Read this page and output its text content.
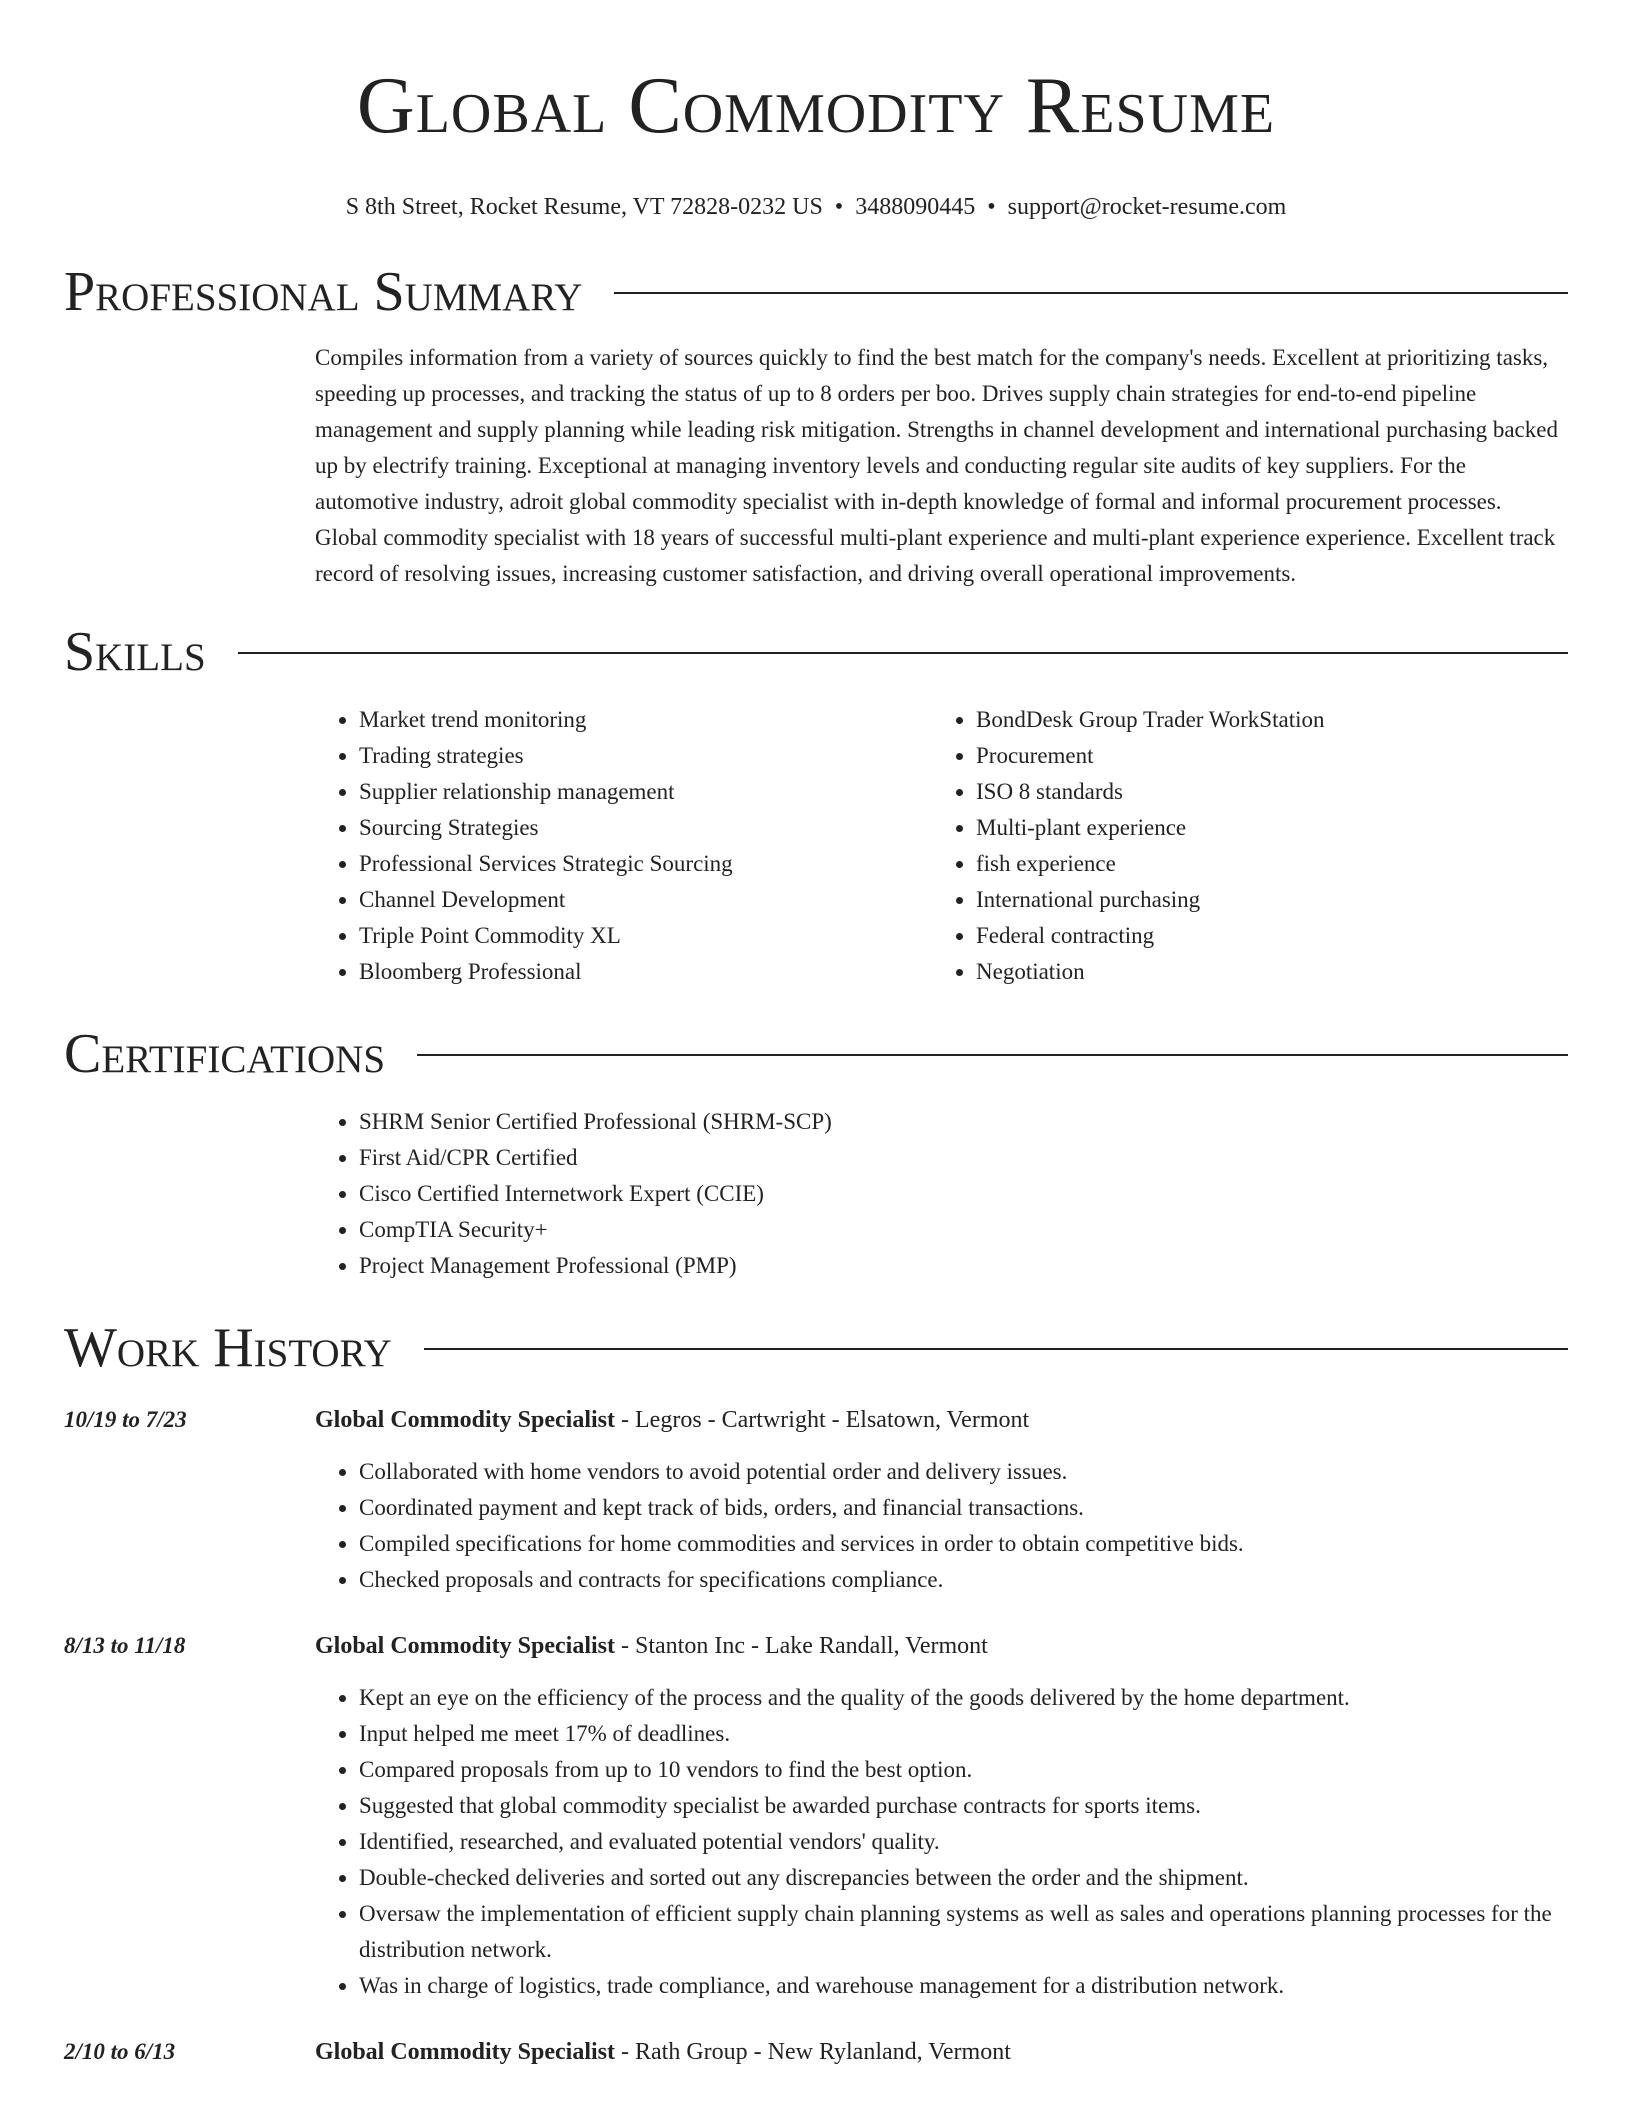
Global Commodity Resume
S 8th Street, Rocket Resume, VT 72828-0232 US • 3488090445 • support@rocket-resume.com
Professional Summary

Compiles information from a variety of sources quickly to find the best match for the company's needs. Excellent at prioritizing tasks, speeding up processes, and tracking the status of up to 8 orders per boo. Drives supply chain strategies for end-to-end pipeline management and supply planning while leading risk mitigation. Strengths in channel development and international purchasing backed up by electrify training. Exceptional at managing inventory levels and conducting regular site audits of key suppliers. For the automotive industry, adroit global commodity specialist with in-depth knowledge of formal and informal procurement processes. Global commodity specialist with 18 years of successful multi-plant experience and multi-plant experience experience. Excellent track record of resolving issues, increasing customer satisfaction, and driving overall operational improvements.

Skills
• Market trend monitoring
• Trading strategies
• Supplier relationship management
• Sourcing Strategies
• Professional Services Strategic Sourcing
• Channel Development
• Triple Point Commodity XL
• Bloomberg Professional
• BondDesk Group Trader WorkStation
• Procurement
• ISO 8 standards
• Multi-plant experience
• fish experience
• International purchasing
• Federal contracting
• Negotiation
Certifications
• SHRM Senior Certified Professional (SHRM-SCP)
• First Aid/CPR Certified
• Cisco Certified Internetwork Expert (CCIE)
• CompTIA Security+
• Project Management Professional (PMP)
Work History
10/19 to 7/23	Global Commodity Specialist - Legros - Cartwright - Elsatown, Vermont
• Collaborated with home vendors to avoid potential order and delivery issues.
• Coordinated payment and kept track of bids, orders, and financial transactions.
• Compiled specifications for home commodities and services in order to obtain competitive bids.
• Checked proposals and contracts for specifications compliance.
8/13 to 11/18	Global Commodity Specialist - Stanton Inc - Lake Randall, Vermont
• Kept an eye on the efficiency of the process and the quality of the goods delivered by the home department.
• Input helped me meet 17% of deadlines.
• Compared proposals from up to 10 vendors to find the best option.
• Suggested that global commodity specialist be awarded purchase contracts for sports items.
• Identified, researched, and evaluated potential vendors' quality.
• Double-checked deliveries and sorted out any discrepancies between the order and the shipment.
• Oversaw the implementation of efficient supply chain planning systems as well as sales and operations planning processes for the distribution network.
• Was in charge of logistics, trade compliance, and warehouse management for a distribution network.
2/10 to 6/13	Global Commodity Specialist - Rath Group - New Rylanland, Vermont
